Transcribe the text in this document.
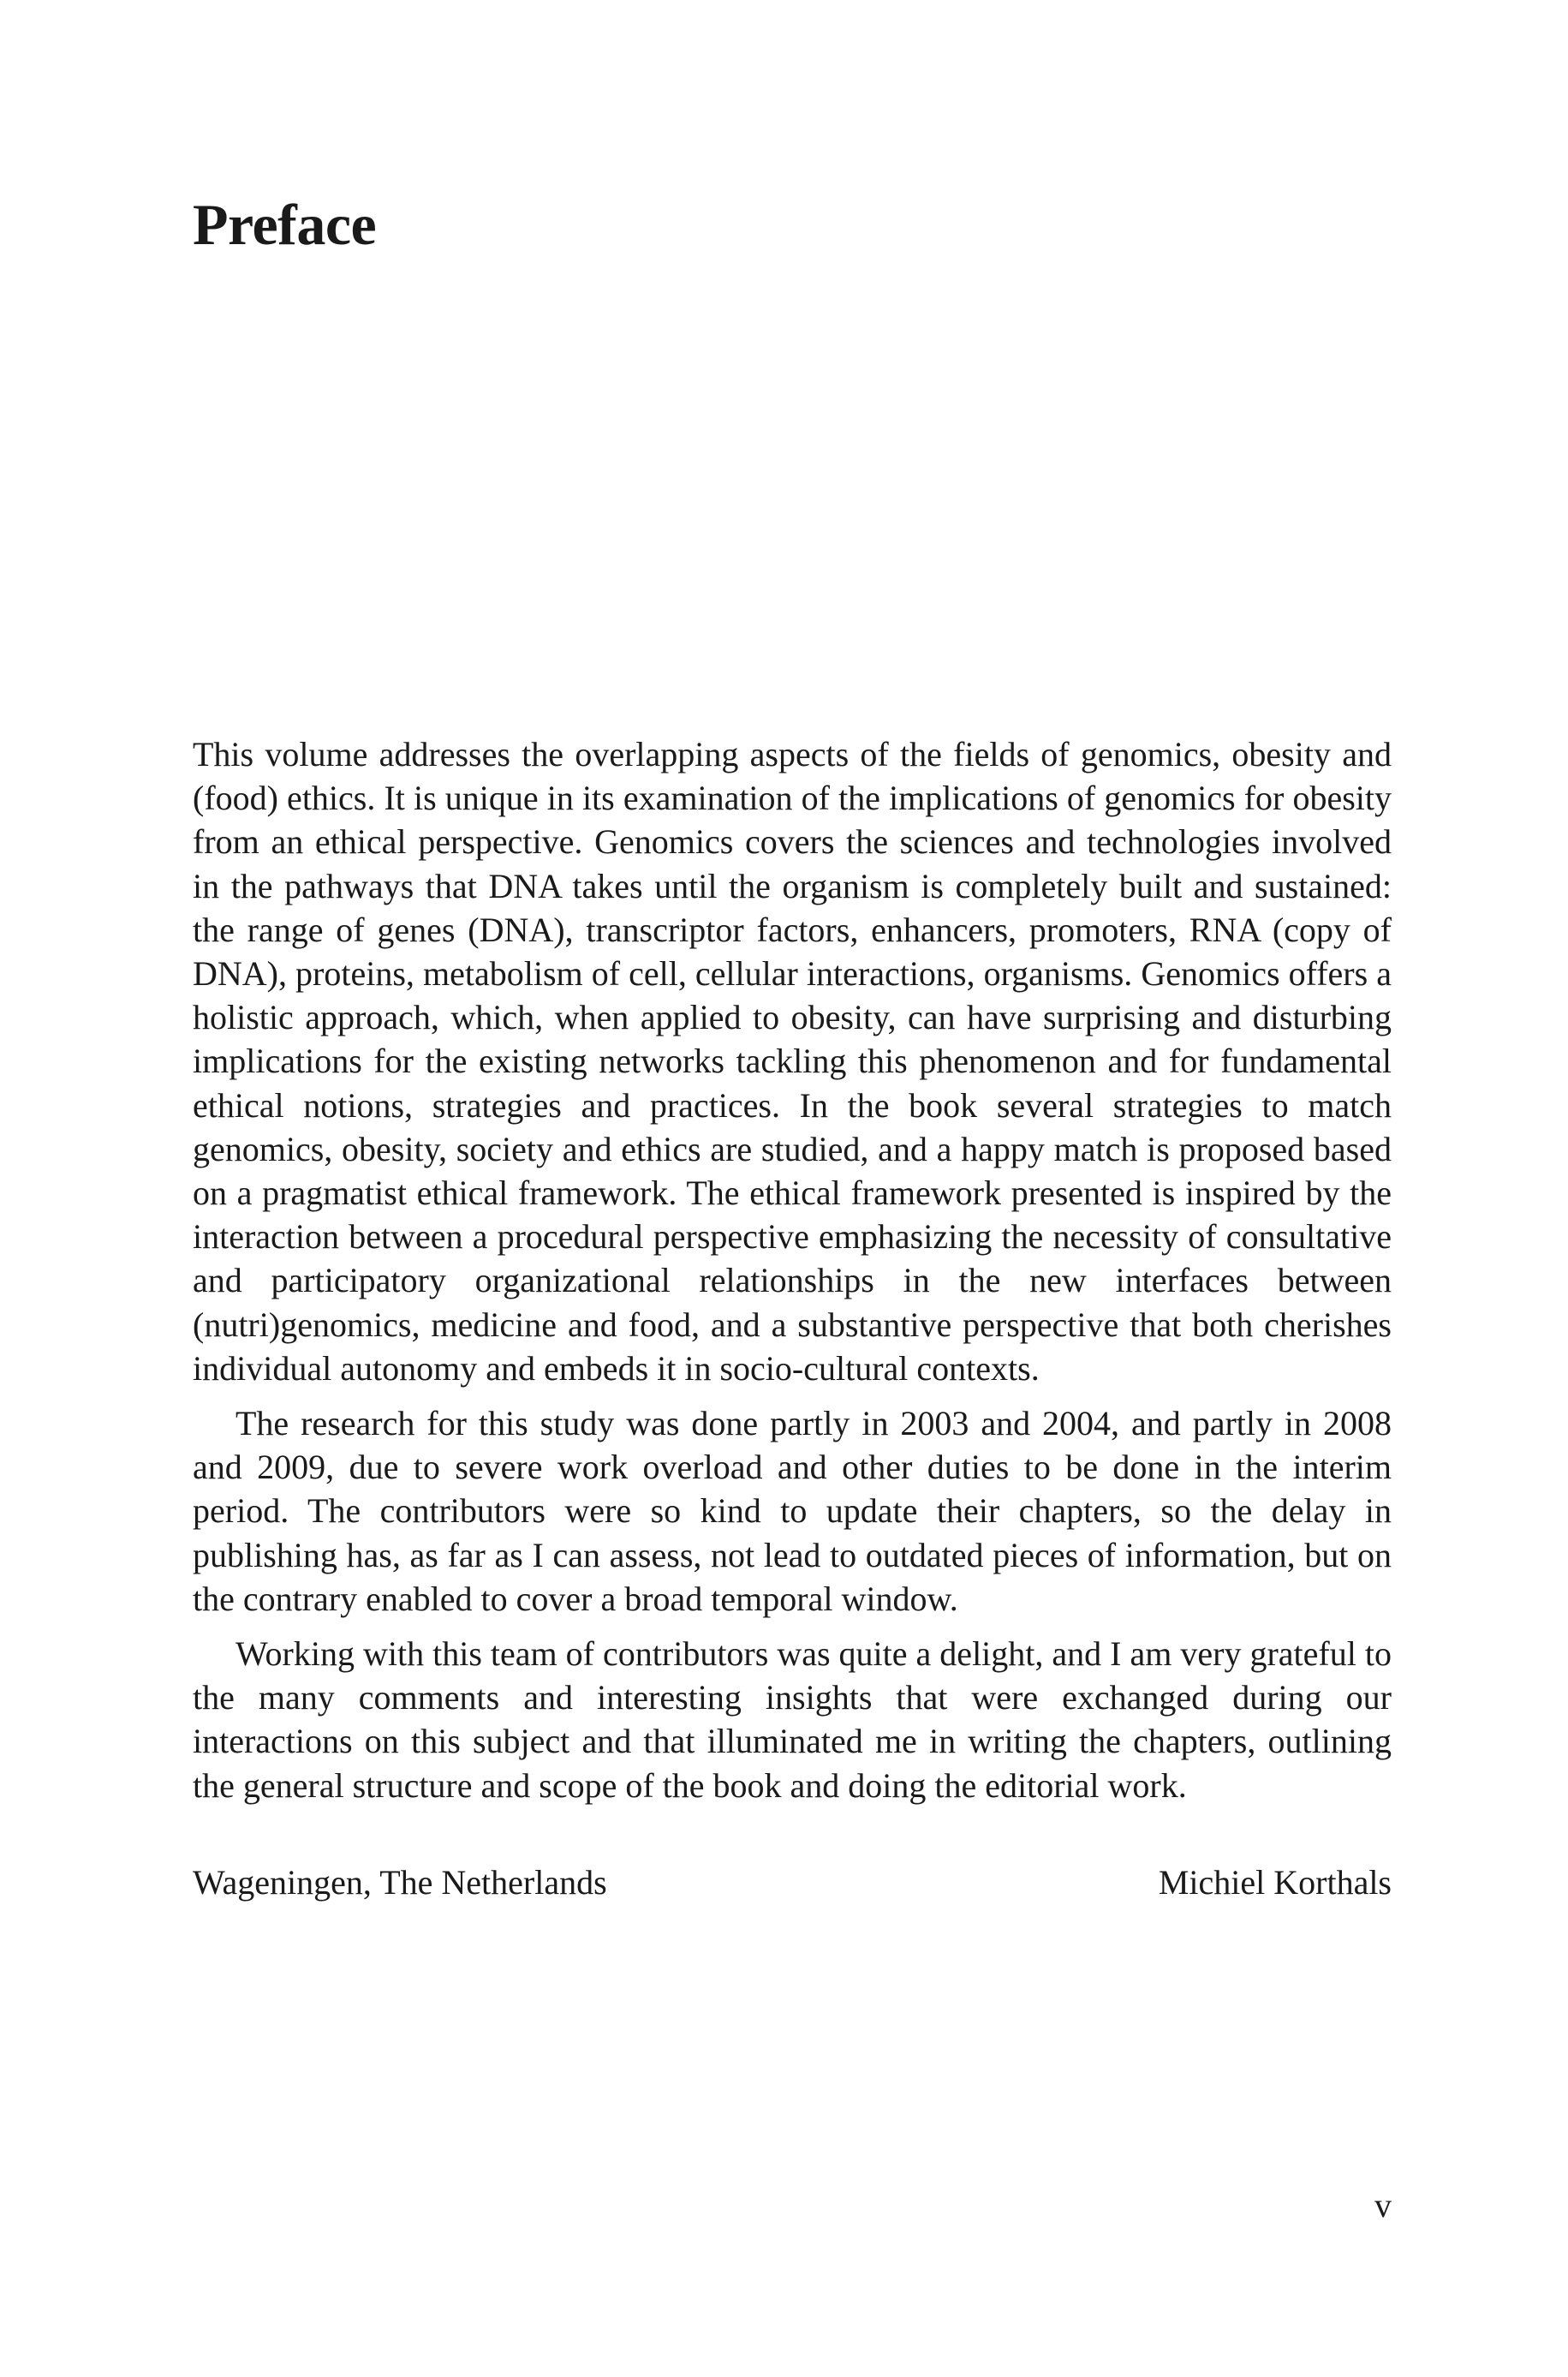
Preface

This volume addresses the overlapping aspects of the fields of genomics, obesity and (food) ethics. It is unique in its examination of the implications of genomics for obesity from an ethical perspective. Genomics covers the sciences and technologies involved in the pathways that DNA takes until the organism is completely built and sustained: the range of genes (DNA), transcriptor factors, enhancers, promoters, RNA (copy of DNA), proteins, metabolism of cell, cellular interactions, organisms. Genomics offers a holistic approach, which, when applied to obesity, can have surprising and disturbing implications for the existing networks tackling this phenomenon and for fundamental ethical notions, strategies and practices. In the book several strategies to match genomics, obesity, society and ethics are studied, and a happy match is proposed based on a pragmatist ethical framework. The ethical framework presented is inspired by the interaction between a procedural perspective emphasizing the necessity of consultative and participatory organizational relationships in the new interfaces between (nutri)genomics, medicine and food, and a substantive perspective that both cherishes individual autonomy and embeds it in socio-cultural contexts.

The research for this study was done partly in 2003 and 2004, and partly in 2008 and 2009, due to severe work overload and other duties to be done in the interim period. The contributors were so kind to update their chapters, so the delay in publishing has, as far as I can assess, not lead to outdated pieces of information, but on the contrary enabled to cover a broad temporal window.

Working with this team of contributors was quite a delight, and I am very grateful to the many comments and interesting insights that were exchanged during our interactions on this subject and that illuminated me in writing the chapters, outlining the general structure and scope of the book and doing the editorial work.

Wageningen, The Netherlands	Michiel Korthals
v
